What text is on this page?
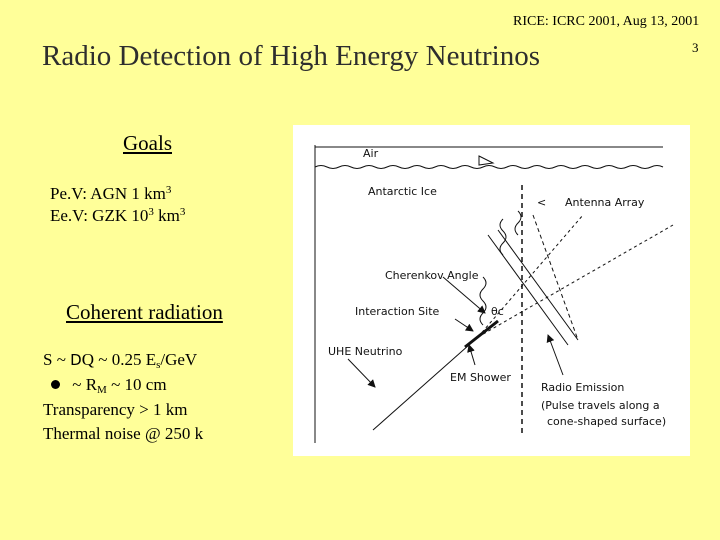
RICE: ICRC 2001, Aug 13, 2001
3
Radio Detection of High Energy Neutrinos
Goals
Pe.V: AGN 1 $km^3$
Ee.V: GZK $10^3$ $km^3$
Coherent radiation
S ~ DQ ~ 0.25 $E_s$/GeV
~ $R_M$ ~ 10 cm
Transparency > 1 km
Thermal noise @ 250 k
Air
Antarctic Ice
< Antenna Array
Cherenkov Angle
Interaction Site	θc
UHE Neutrino
EM Shower
Radio Emission
(Pulse travels along a
cone-shaped surface)
